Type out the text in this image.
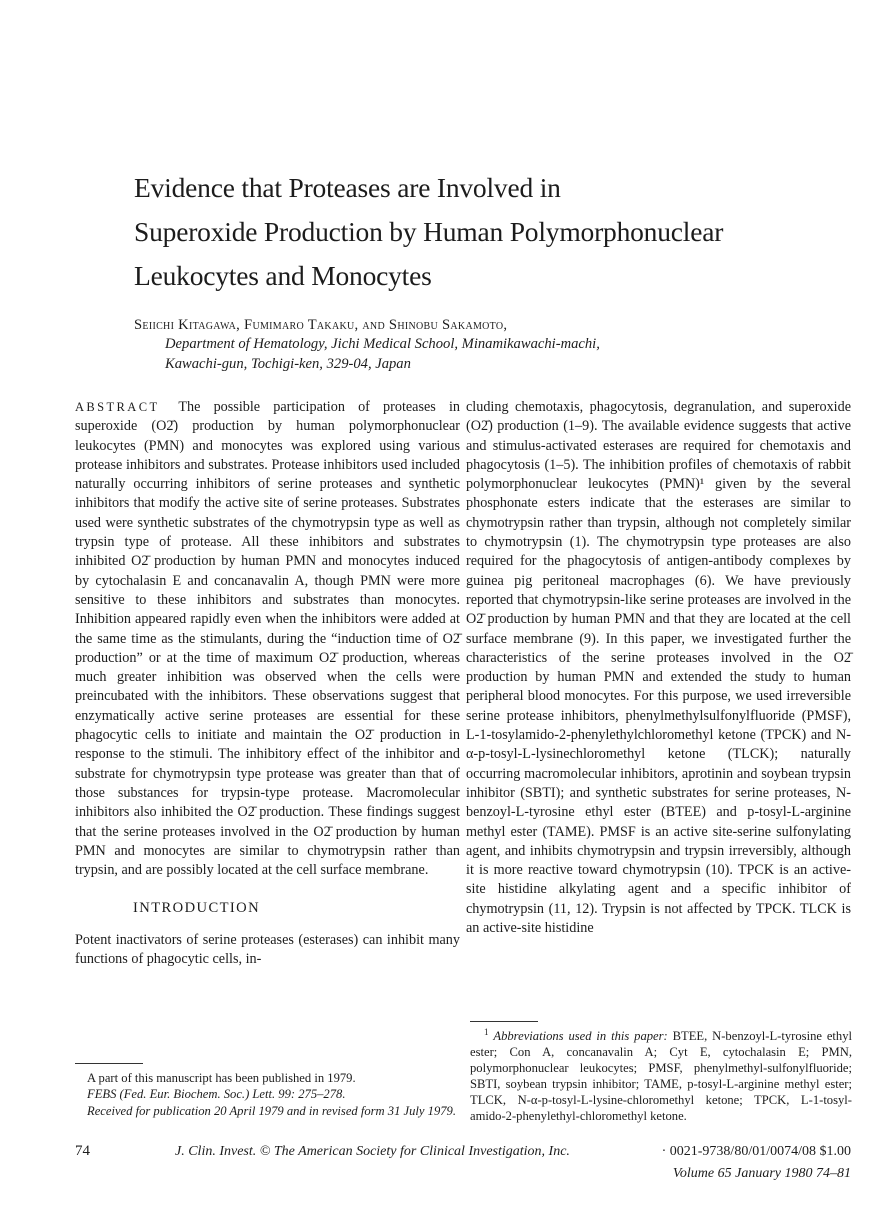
Evidence that Proteases are Involved in
Superoxide Production by Human Polymorphonuclear
Leukocytes and Monocytes
Seiichi Kitagawa, Fumimaro Takaku, and Shinobu Sakamoto,
Department of Hematology, Jichi Medical School, Minamikawachi-machi,
Kawachi-gun, Tochigi-ken, 329-04, Japan

ABSTRACT The possible participation of proteases in superoxide (O2̄) production by human polymorphonuclear leukocytes (PMN) and monocytes was explored using various protease inhibitors and substrates. Protease inhibitors used included naturally occurring inhibitors of serine proteases and synthetic inhibitors that modify the active site of serine proteases. Substrates used were synthetic substrates of the chymotrypsin type as well as trypsin type of protease. All these inhibitors and substrates inhibited O2̄ production by human PMN and monocytes induced by cytochalasin E and concanavalin A, though PMN were more sensitive to these inhibitors and substrates than monocytes. Inhibition appeared rapidly even when the inhibitors were added at the same time as the stimulants, during the “induction time of O2̄ production” or at the time of maximum O2̄ production, whereas much greater inhibition was observed when the cells were preincubated with the inhibitors. These observations suggest that enzymatically active serine proteases are essential for these phagocytic cells to initiate and maintain the O2̄ production in response to the stimuli. The inhibitory effect of the inhibitor and substrate for chymotrypsin type protease was greater than that of those substances for trypsin-type protease. Macromolecular inhibitors also inhibited the O2̄ production. These findings suggest that the serine proteases involved in the O2̄ production by human PMN and monocytes are similar to chymotrypsin rather than trypsin, and are possibly located at the cell surface membrane.

INTRODUCTION

Potent inactivators of serine proteases (esterases) can inhibit many functions of phagocytic cells, in-

cluding chemotaxis, phagocytosis, degranulation, and superoxide (O2̄) production (1–9). The available evidence suggests that active and stimulus-activated esterases are required for chemotaxis and phagocytosis (1–5). The inhibition profiles of chemotaxis of rabbit polymorphonuclear leukocytes (PMN)¹ given by the several phosphonate esters indicate that the esterases are similar to chymotrypsin rather than trypsin, although not completely similar to chymotrypsin (1). The chymotrypsin type proteases are also required for the phagocytosis of antigen-antibody complexes by guinea pig peritoneal macrophages (6). We have previously reported that chymotrypsin-like serine proteases are involved in the O2̄ production by human PMN and that they are located at the cell surface membrane (9). In this paper, we investigated further the characteristics of the serine proteases involved in the O2̄ production by human PMN and extended the study to human peripheral blood monocytes. For this purpose, we used irreversible serine protease inhibitors, phenylmethylsulfonylfluoride (PMSF), L-1-tosylamido-2-phenylethylchloromethyl ketone (TPCK) and N-α-p-tosyl-L-lysinechloromethyl ketone (TLCK); naturally occurring macromolecular inhibitors, aprotinin and soybean trypsin inhibitor (SBTI); and synthetic substrates for serine proteases, N-benzoyl-L-tyrosine ethyl ester (BTEE) and p-tosyl-L-arginine methyl ester (TAME). PMSF is an active site-serine sulfonylating agent, and inhibits chymotrypsin and trypsin irreversibly, although it is more reactive toward chymotrypsin (10). TPCK is an active-site histidine alkylating agent and a specific inhibitor of chymotrypsin (11, 12). Trypsin is not affected by TPCK. TLCK is an active-site histidine

A part of this manuscript has been published in 1979.

FEBS (Fed. Eur. Biochem. Soc.) Lett. 99: 275–278.

Received for publication 20 April 1979 and in revised form 31 July 1979.

$^1$ Abbreviations used in this paper: BTEE, N-benzoyl-L-tyrosine ethyl ester; Con A, concanavalin A; Cyt E, cytochalasin E; PMN, polymorphonuclear leukocytes; PMSF, phenylmethyl-sulfonylfluoride; SBTI, soybean trypsin inhibitor; TAME, p-tosyl-L-arginine methyl ester; TLCK, N-α-p-tosyl-L-lysine-chloromethyl ketone; TPCK, L-1-tosyl-amido-2-phenylethyl-chloromethyl ketone.

74	J. Clin. Invest. © The American Society for Clinical Investigation, Inc.	· 0021-9738/80/01/0074/08 $1.00
Volume 65 January 1980 74–81
